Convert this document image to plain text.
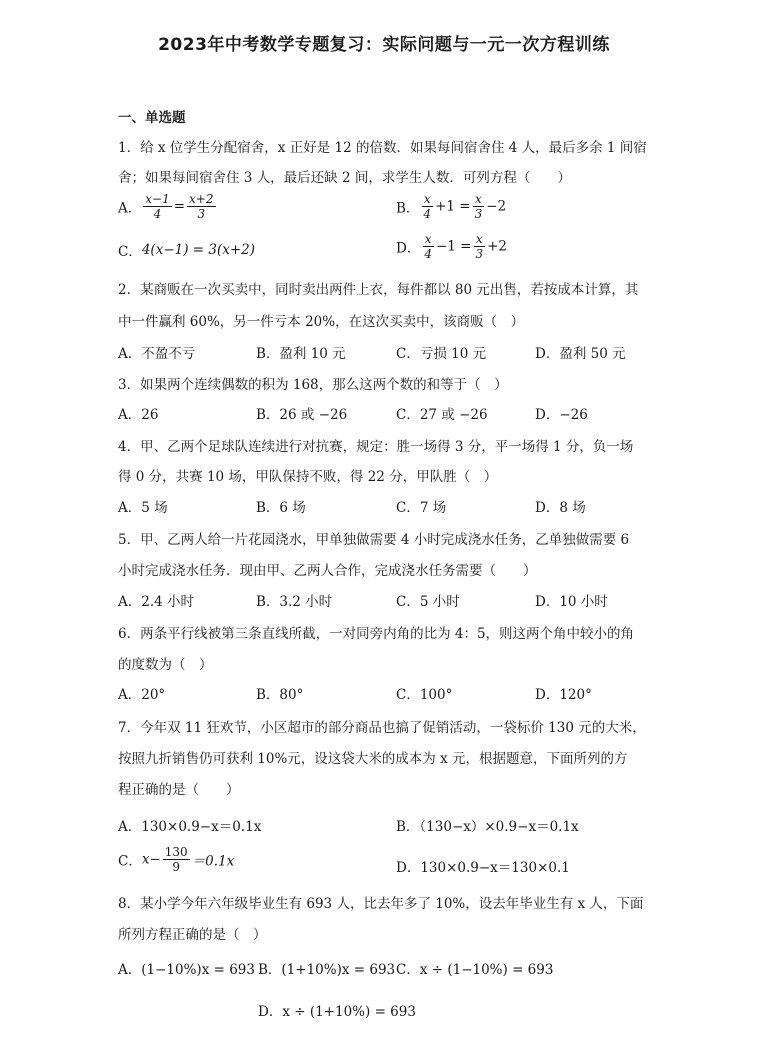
2023年中考数学专题复习：实际问题与一元一次方程训练
一、单选题
1．给 x 位学生分配宿舍，x 正好是 12 的倍数．如果每间宿舍住 4 人，最后多余 1 间宿
舍；如果每间宿舍住 3 人，最后还缺 2 间，求学生人数．可列方程（　　）
A． $\frac{x-1}{4} = \frac{x+2}{3}$	B． $\frac{x}{4} +1 = \frac{x}{3} -2$
C．4(x−1) = 3(x+2)	D． $\frac{x}{4} -1 = \frac{x}{3} +2$
2．某商贩在一次买卖中，同时卖出两件上衣，每件都以 80 元出售，若按成本计算，其
中一件赢利 60%，另一件亏本 20%，在这次买卖中，该商贩（　）
A．不盈不亏	B．盈利 10 元	C．亏损 10 元	D．盈利 50 元
3．如果两个连续偶数的积为 168，那么这两个数的和等于（　）
A．26	B．26 或 −26	C．27 或 −26	D．−26
4．甲、乙两个足球队连续进行对抗赛，规定：胜一场得 3 分，平一场得 1 分，负一场
得 0 分，共赛 10 场，甲队保持不败，得 22 分，甲队胜（　）
A．5 场	B．6 场	C．7 场	D．8 场
5．甲、乙两人给一片花园浇水，甲单独做需要 4 小时完成浇水任务，乙单独做需要 6
小时完成浇水任务．现由甲、乙两人合作，完成浇水任务需要（　　）
A．2.4 小时	B．3.2 小时	C．5 小时	D．10 小时
6．两条平行线被第三条直线所截，一对同旁内角的比为 4：5，则这两个角中较小的角
的度数为（　）
A．20°	B．80°	C．100°	D．120°
7．今年双 11 狂欢节，小区超市的部分商品也搞了促销活动，一袋标价 130 元的大米，
按照九折销售仍可获利 10%元，设这袋大米的成本为 x 元，根据题意，下面所列的方
程正确的是（　　）
A．130×0.9−x＝0.1x	B．（130−x）×0.9−x＝0.1x
C．$x- \frac{130}{9} =0.1x$	D．130×0.9−x＝130×0.1
8．某小学今年六年级毕业生有 693 人，比去年多了 10%，设去年毕业生有 x 人，下面
所列方程正确的是（　）
A．(1−10%)x = 693 B．(1+10%)x = 693 C．x ÷ (1−10%) = 693
D．x ÷ (1+10%) = 693
